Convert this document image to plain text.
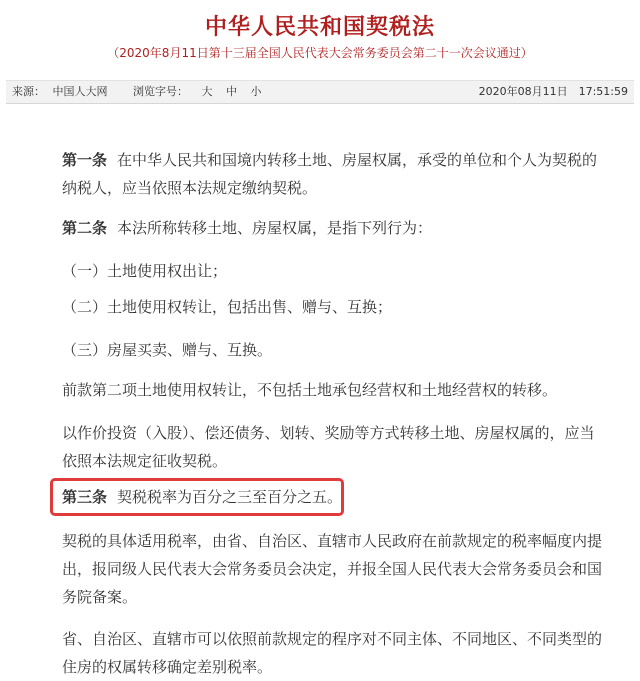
中华人民共和国契税法
（2020年8月11日第十三届全国人民代表大会常务委员会第二十一次会议通过）
来源： 中国人大网 浏览字号： 大 中 小	2020年08月11日　17:51:59
第一条 在中华人民共和国境内转移土地、房屋权属，承受的单位和个人为契税的纳税人，应当依照本法规定缴纳契税。
第二条 本法所称转移土地、房屋权属，是指下列行为：
（一）土地使用权出让；
（二）土地使用权转让，包括出售、赠与、互换；
（三）房屋买卖、赠与、互换。
前款第二项土地使用权转让，不包括土地承包经营权和土地经营权的转移。
以作价投资（入股）、偿还债务、划转、奖励等方式转移土地、房屋权属的，应当依照本法规定征收契税。
第三条 契税税率为百分之三至百分之五。
契税的具体适用税率，由省、自治区、直辖市人民政府在前款规定的税率幅度内提出，报同级人民代表大会常务委员会决定，并报全国人民代表大会常务委员会和国务院备案。
省、自治区、直辖市可以依照前款规定的程序对不同主体、不同地区、不同类型的住房的权属转移确定差别税率。
